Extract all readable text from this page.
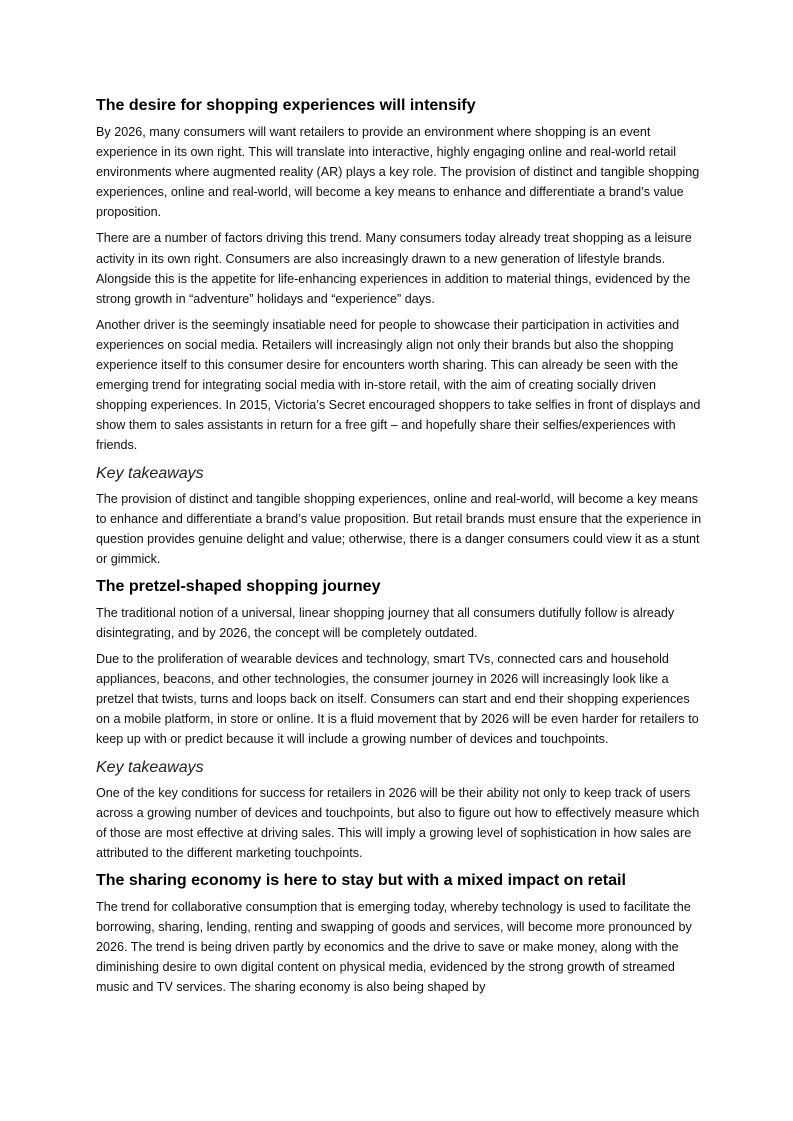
The desire for shopping experiences will intensify

By 2026, many consumers will want retailers to provide an environment where shopping is an event experience in its own right. This will translate into interactive, highly engaging online and real-world retail environments where augmented reality (AR) plays a key role. The provision of distinct and tangible shopping experiences, online and real-world, will become a key means to enhance and differentiate a brand’s value proposition.

There are a number of factors driving this trend. Many consumers today already treat shopping as a leisure activity in its own right. Consumers are also increasingly drawn to a new generation of lifestyle brands. Alongside this is the appetite for life-enhancing experiences in addition to material things, evidenced by the strong growth in “adventure” holidays and “experience” days.

Another driver is the seemingly insatiable need for people to showcase their participation in activities and experiences on social media. Retailers will increasingly align not only their brands but also the shopping experience itself to this consumer desire for encounters worth sharing. This can already be seen with the emerging trend for integrating social media with in-store retail, with the aim of creating socially driven shopping experiences. In 2015, Victoria’s Secret encouraged shoppers to take selfies in front of displays and show them to sales assistants in return for a free gift – and hopefully share their selfies/experiences with friends.

Key takeaways

The provision of distinct and tangible shopping experiences, online and real-world, will become a key means to enhance and differentiate a brand’s value proposition. But retail brands must ensure that the experience in question provides genuine delight and value; otherwise, there is a danger consumers could view it as a stunt or gimmick.

The pretzel-shaped shopping journey

The traditional notion of a universal, linear shopping journey that all consumers dutifully follow is already disintegrating, and by 2026, the concept will be completely outdated.

Due to the proliferation of wearable devices and technology, smart TVs, connected cars and household appliances, beacons, and other technologies, the consumer journey in 2026 will increasingly look like a pretzel that twists, turns and loops back on itself. Consumers can start and end their shopping experiences on a mobile platform, in store or online. It is a fluid movement that by 2026 will be even harder for retailers to keep up with or predict because it will include a growing number of devices and touchpoints.

Key takeaways

One of the key conditions for success for retailers in 2026 will be their ability not only to keep track of users across a growing number of devices and touchpoints, but also to figure out how to effectively measure which of those are most effective at driving sales. This will imply a growing level of sophistication in how sales are attributed to the different marketing touchpoints.

The sharing economy is here to stay but with a mixed impact on retail

The trend for collaborative consumption that is emerging today, whereby technology is used to facilitate the borrowing, sharing, lending, renting and swapping of goods and services, will become more pronounced by 2026. The trend is being driven partly by economics and the drive to save or make money, along with the diminishing desire to own digital content on physical media, evidenced by the strong growth of streamed music and TV services. The sharing economy is also being shaped by
